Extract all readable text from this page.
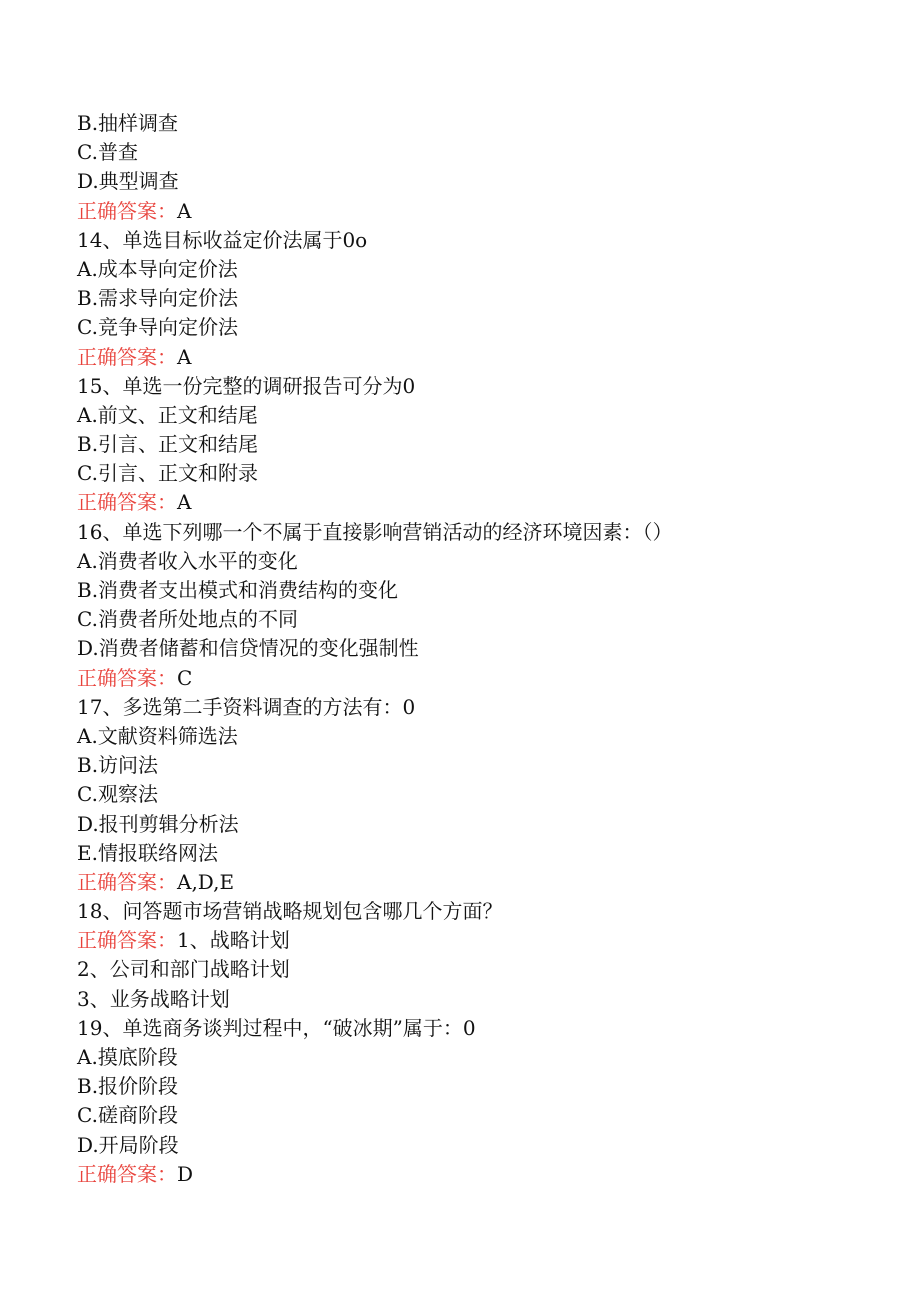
B.抽样调查
C.普查
D.典型调查
正确答案：A
14、单选目标收益定价法属于0o
A.成本导向定价法
B.需求导向定价法
C.竞争导向定价法
正确答案：A
15、单选一份完整的调研报告可分为0
A.前文、正文和结尾
B.引言、正文和结尾
C.引言、正文和附录
正确答案：A
16、单选下列哪一个不属于直接影响营销活动的经济环境因素：（）
A.消费者收入水平的变化
B.消费者支出模式和消费结构的变化
C.消费者所处地点的不同
D.消费者储蓄和信贷情况的变化强制性
正确答案：C
17、多选第二手资料调查的方法有：0
A.文献资料筛选法
B.访问法
C.观察法
D.报刊剪辑分析法
E.情报联络网法
正确答案：A,D,E
18、问答题市场营销战略规划包含哪几个方面？
正确答案：1、战略计划
2、公司和部门战略计划
3、业务战略计划
19、单选商务谈判过程中，“破冰期”属于：0
A.摸底阶段
B.报价阶段
C.磋商阶段
D.开局阶段
正确答案：D
